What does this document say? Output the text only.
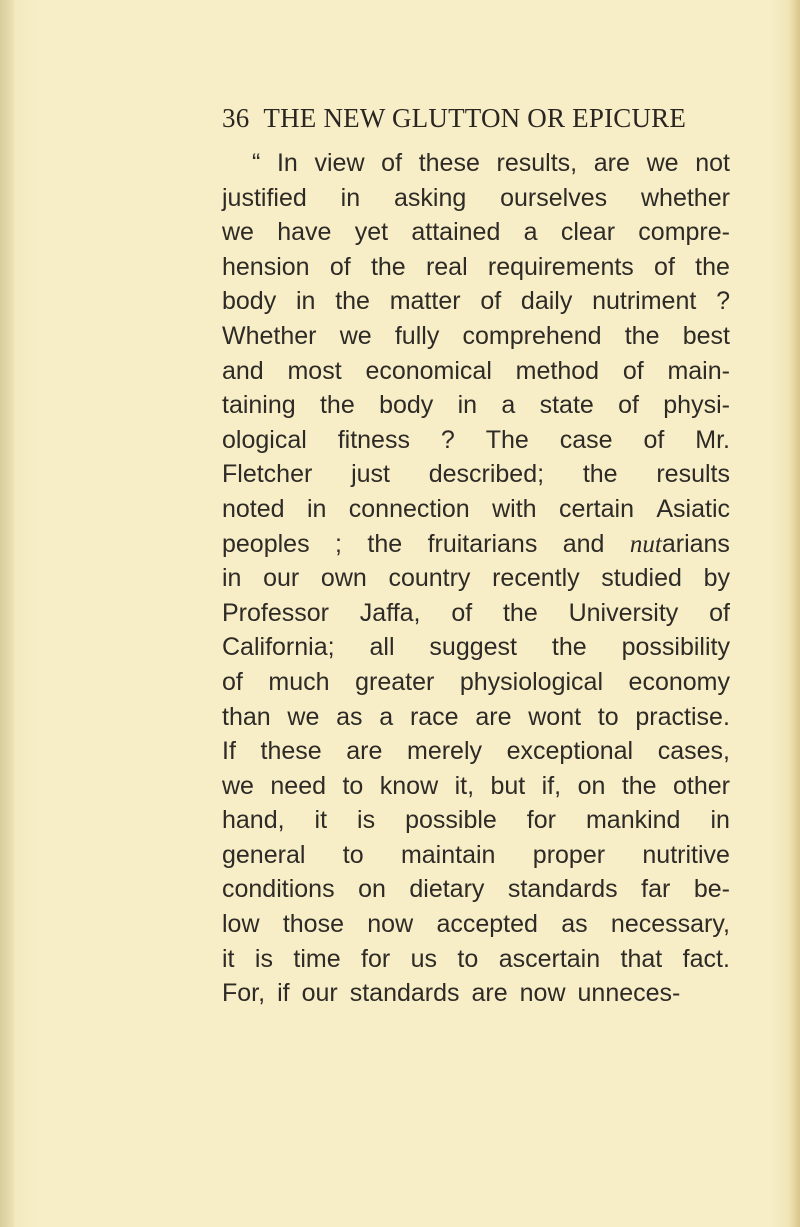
36 THE NEW GLUTTON OR EPICURE
“ In view of these results, are we not
justified in asking ourselves whether
we have yet attained a clear compre-
hension of the real requirements of the
body in the matter of daily nutriment ?
Whether we fully comprehend the best
and most economical method of main-
taining the body in a state of physi-
ological fitness ? The case of Mr.
Fletcher just described; the results
noted in connection with certain Asiatic
peoples ; the fruitarians and nutarians
in our own country recently studied by
Professor Jaffa, of the University of
California; all suggest the possibility
of much greater physiological economy
than we as a race are wont to practise.
If these are merely exceptional cases,
we need to know it, but if, on the other
hand, it is possible for mankind in
general to maintain proper nutritive
conditions on dietary standards far be-
low those now accepted as necessary,
it is time for us to ascertain that fact.
For, if our standards are now unneces-
